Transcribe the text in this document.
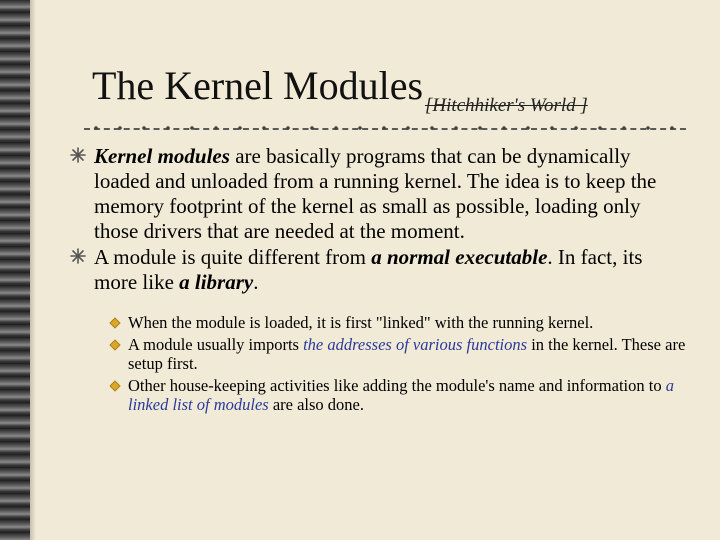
The Kernel Modules $_{[Hitchhiker's World ]}$
Kernel modules are basically programs that can be dynamically loaded and unloaded from a running kernel. The idea is to keep the memory footprint of the kernel as small as possible, loading only those drivers that are needed at the moment.
A module is quite different from a normal executable. In fact, its more like a library.
When the module is loaded, it is first "linked" with the running kernel.
A module usually imports the addresses of various functions in the kernel. These are setup first.
Other house-keeping activities like adding the module's name and information to a linked list of modules are also done.
